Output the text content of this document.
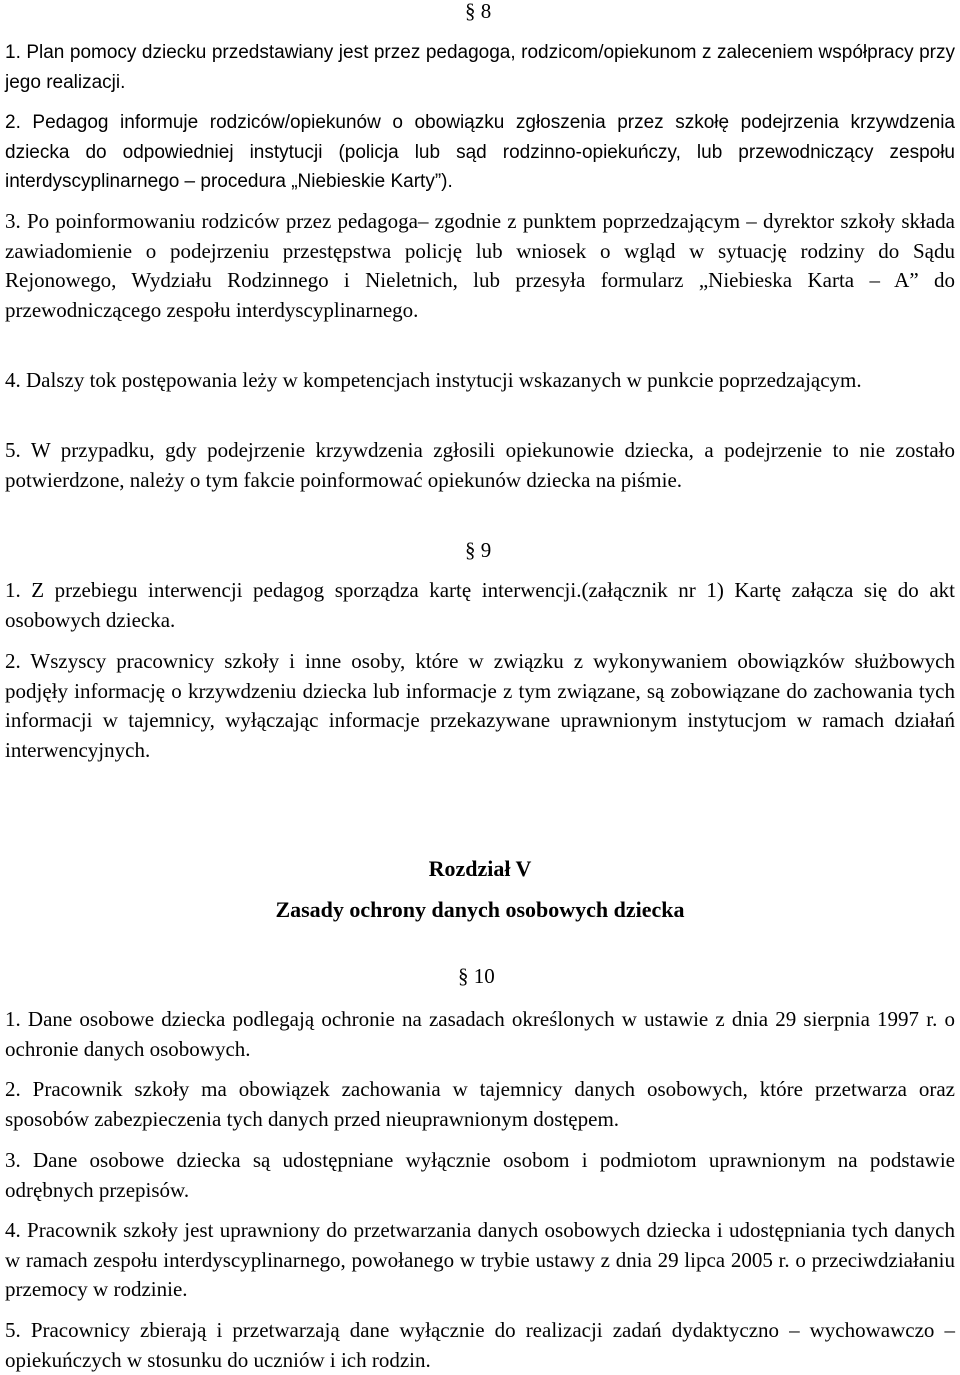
§ 8
1. Plan pomocy dziecku przedstawiany jest przez pedagoga, rodzicom/opiekunom z zaleceniem współpracy przy jego realizacji.
2. Pedagog informuje rodziców/opiekunów o obowiązku zgłoszenia przez szkołę podejrzenia krzywdzenia dziecka do odpowiedniej instytucji (policja lub sąd rodzinno-opiekuńczy, lub przewodniczący zespołu interdyscyplinarnego – procedura „Niebieskie Karty”).
3. Po poinformowaniu rodziców przez pedagoga– zgodnie z punktem poprzedzającym – dyrektor szkoły składa zawiadomienie o podejrzeniu przestępstwa policję lub wniosek o wgląd w sytuację rodziny do Sądu Rejonowego, Wydziału Rodzinnego i Nieletnich, lub przesyła formularz „Niebieska Karta – A” do przewodniczącego zespołu interdyscyplinarnego.
4. Dalszy tok postępowania leży w kompetencjach instytucji wskazanych w punkcie poprzedzającym.
5. W przypadku, gdy podejrzenie krzywdzenia zgłosili opiekunowie dziecka, a podejrzenie to nie zostało potwierdzone, należy o tym fakcie poinformować opiekunów dziecka na piśmie.
§ 9
1. Z przebiegu interwencji pedagog sporządza kartę interwencji.(załącznik nr 1) Kartę załącza się do akt osobowych dziecka.
2. Wszyscy pracownicy szkoły i inne osoby, które w związku z wykonywaniem obowiązków służbowych podjęły informację o krzywdzeniu dziecka lub informacje z tym związane, są zobowiązane do zachowania tych informacji w tajemnicy, wyłączając informacje przekazywane uprawnionym instytucjom w ramach działań interwencyjnych.
Rozdział V
Zasady ochrony danych osobowych dziecka
§ 10
1. Dane osobowe dziecka podlegają ochronie na zasadach określonych w ustawie z dnia 29 sierpnia 1997 r. o ochronie danych osobowych.
2. Pracownik szkoły ma obowiązek zachowania w tajemnicy danych osobowych, które przetwarza oraz sposobów zabezpieczenia tych danych przed nieuprawnionym dostępem.
3. Dane osobowe dziecka są udostępniane wyłącznie osobom i podmiotom uprawnionym na podstawie odrębnych przepisów.
4. Pracownik szkoły jest uprawniony do przetwarzania danych osobowych dziecka i udostępniania tych danych w ramach zespołu interdyscyplinarnego, powołanego w trybie ustawy z dnia 29 lipca 2005 r. o przeciwdziałaniu przemocy w rodzinie.
5. Pracownicy zbierają i przetwarzają dane wyłącznie do realizacji zadań dydaktyczno – wychowawczo – opiekuńczych w stosunku do uczniów i ich rodzin.
